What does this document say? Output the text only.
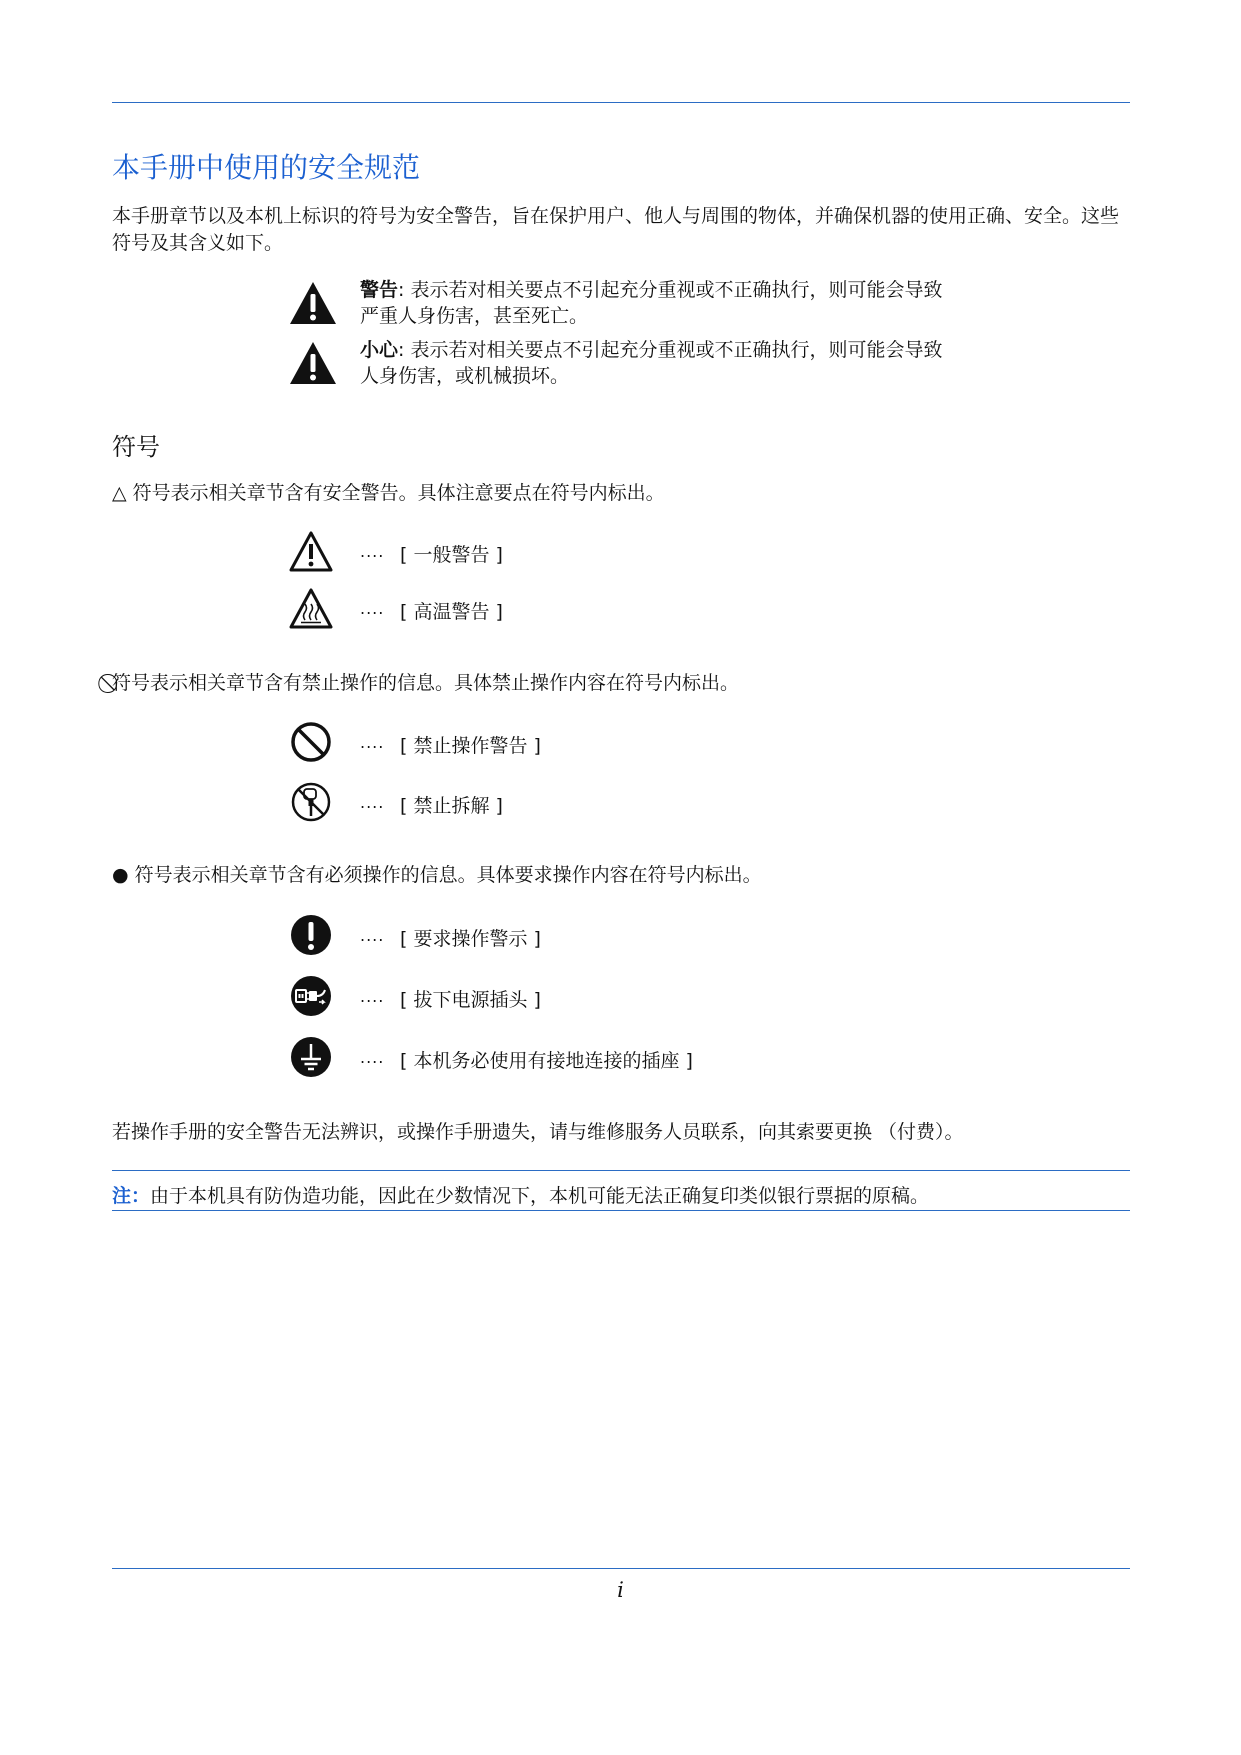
本手册中使用的安全规范

本手册章节以及本机上标识的符号为安全警告，旨在保护用户、他人与周围的物体，并确保机器的使用正确、安全。这些符号及其含义如下。

警告: 表示若对相关要点不引起充分重视或不正确执行，则可能会导致严重人身伤害，甚至死亡。
小心: 表示若对相关要点不引起充分重视或不正确执行，则可能会导致人身伤害，或机械损坏。
符号
△ 符号表示相关章节含有安全警告。具体注意要点在符号内标出。
.... [ 一般警告 ]
.... [ 高温警告 ]
⃠符号表示相关章节含有禁止操作的信息。具体禁止操作内容在符号内标出。
.... [ 禁止操作警告 ]
.... [ 禁止拆解 ]
● 符号表示相关章节含有必须操作的信息。具体要求操作内容在符号内标出。
.... [ 要求操作警示 ]
.... [ 拔下电源插头 ]
.... [ 本机务必使用有接地连接的插座 ]
若操作手册的安全警告无法辨识，或操作手册遗失，请与维修服务人员联系，向其索要更换 （付费）。
注：由于本机具有防伪造功能，因此在少数情况下，本机可能无法正确复印类似银行票据的原稿。
i
